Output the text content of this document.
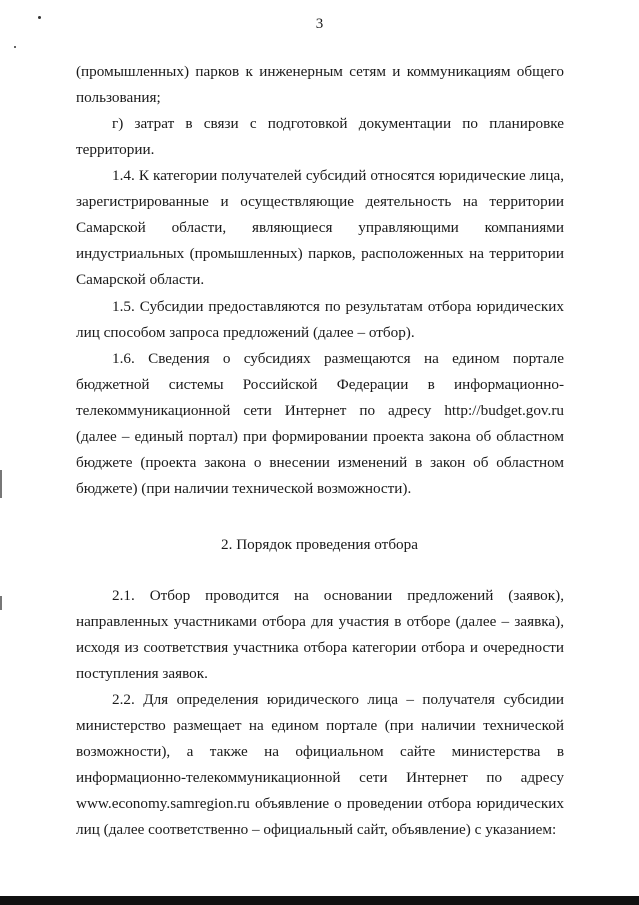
3
(промышленных) парков к инженерным сетям и коммуникациям общего
пользования;
г) затрат в связи с подготовкой документации по планировке
территории.
1.4. К категории получателей субсидий относятся юридические лица,
зарегистрированные и осуществляющие деятельность на территории
Самарской области, являющиеся управляющими компаниями
индустриальных (промышленных) парков, расположенных на территории
Самарской области.
1.5. Субсидии предоставляются по результатам отбора юридических
лиц способом запроса предложений (далее – отбор).
1.6. Сведения о субсидиях размещаются на едином портале
бюджетной системы Российской Федерации в информационно-
телекоммуникационной сети Интернет по адресу http://budget.gov.ru
(далее – единый портал) при формировании проекта закона об областном
бюджете (проекта закона о внесении изменений в закон об областном
бюджете) (при наличии технической возможности).
2.1. Отбор проводится на основании предложений (заявок),
направленных участниками отбора для участия в отборе (далее – заявка),
исходя из соответствия участника отбора категории отбора и очередности
поступления заявок.
2.2. Для определения юридического лица – получателя субсидии
министерство размещает на едином портале (при наличии технической
возможности), а также на официальном сайте министерства в
информационно-телекоммуникационной сети Интернет по адресу
www.economy.samregion.ru объявление о проведении отбора юридических
лиц (далее соответственно – официальный сайт, объявление) с указанием:
2. Порядок проведения отбора
